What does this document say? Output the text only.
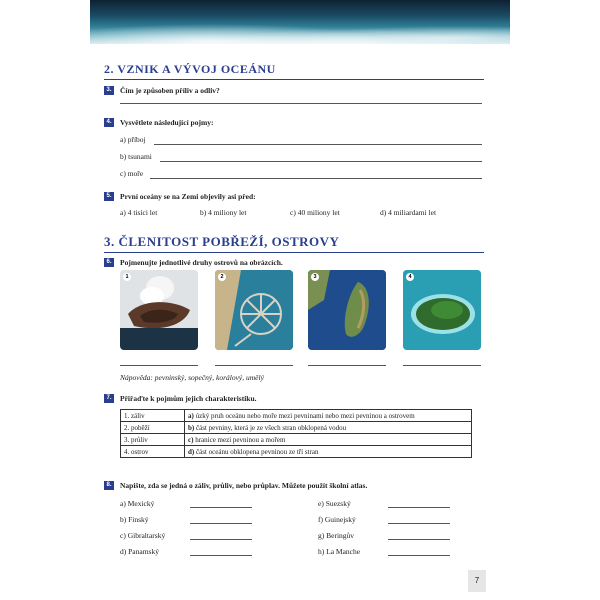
2. VZNIK A VÝVOJ OCEÁNU
3.	Čím je způsoben příliv a odliv?
4.	Vysvětlete následující pojmy:
a) příboj
b) tsunami
c) moře
5.	První oceány se na Zemi objevily asi před:
a) 4 tisíci let	b) 4 miliony let	c) 40 miliony let	d) 4 miliardami let
3. ČLENITOST POBŘEŽÍ, OSTROVY
6.	Pojmenujte jednotlivé druhy ostrovů na obrázcích.
1	2	3	4
Nápověda: pevninský, sopečný, korálový, umělý
7.	Přiřaďte k pojmům jejich charakteristiku.
1. záliv	a) úzký pruh oceánu nebo moře mezi pevninami nebo mezi pevninou a ostrovem
2. poběží	b) část pevniny, která je ze všech stran obklopená vodou
3. průliv	c) hranice mezi pevninou a mořem
4. ostrov	d) část oceánu obklopena pevninou ze tří stran
8.	Napište, zda se jedná o záliv, průliv, nebo průplav. Můžete použít školní atlas.
a) Mexický
b) Finský
c) Gibraltarský
d) Panamský
e) Suezský
f) Guinejský
g) Beringův
h) La Manche
7
